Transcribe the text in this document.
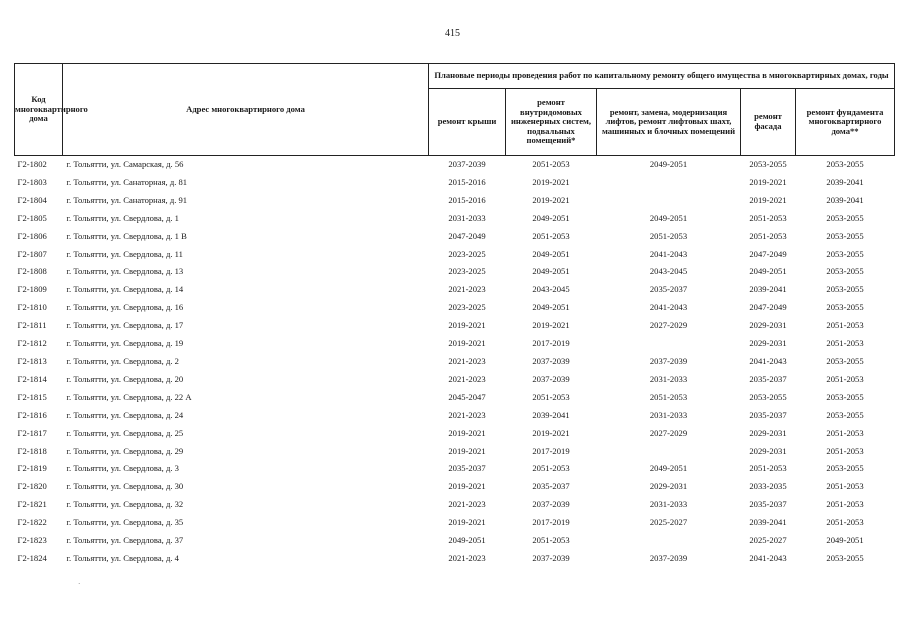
415
Код многоквартирного дома	Адрес многоквартирного дома	Плановые периоды проведения работ по капитальному ремонту общего имущества в многоквартирных домах, годы				
		ремонт крыши	ремонт внутридомовых инженерных систем, подвальных помещений*	ремонт, замена, модернизация лифтов, ремонт лифтовых шахт, машинных и блочных помещений	ремонт фасада	ремонт фундамента многоквартирного дома**
Г2-1802	г. Тольятти, ул. Самарская, д. 56	2037-2039	2051-2053	2049-2051	2053-2055	2053-2055
Г2-1803	г. Тольятти, ул. Санаторная, д. 81	2015-2016	2019-2021		2019-2021	2039-2041
Г2-1804	г. Тольятти, ул. Санаторная, д. 91	2015-2016	2019-2021		2019-2021	2039-2041
Г2-1805	г. Тольятти, ул. Свердлова, д. 1	2031-2033	2049-2051	2049-2051	2051-2053	2053-2055
Г2-1806	г. Тольятти, ул. Свердлова, д. 1 В	2047-2049	2051-2053	2051-2053	2051-2053	2053-2055
Г2-1807	г. Тольятти, ул. Свердлова, д. 11	2023-2025	2049-2051	2041-2043	2047-2049	2053-2055
Г2-1808	г. Тольятти, ул. Свердлова, д. 13	2023-2025	2049-2051	2043-2045	2049-2051	2053-2055
Г2-1809	г. Тольятти, ул. Свердлова, д. 14	2021-2023	2043-2045	2035-2037	2039-2041	2053-2055
Г2-1810	г. Тольятти, ул. Свердлова, д. 16	2023-2025	2049-2051	2041-2043	2047-2049	2053-2055
Г2-1811	г. Тольятти, ул. Свердлова, д. 17	2019-2021	2019-2021	2027-2029	2029-2031	2051-2053
Г2-1812	г. Тольятти, ул. Свердлова, д. 19	2019-2021	2017-2019		2029-2031	2051-2053
Г2-1813	г. Тольятти, ул. Свердлова, д. 2	2021-2023	2037-2039	2037-2039	2041-2043	2053-2055
Г2-1814	г. Тольятти, ул. Свердлова, д. 20	2021-2023	2037-2039	2031-2033	2035-2037	2051-2053
Г2-1815	г. Тольятти, ул. Свердлова, д. 22 А	2045-2047	2051-2053	2051-2053	2053-2055	2053-2055
Г2-1816	г. Тольятти, ул. Свердлова, д. 24	2021-2023	2039-2041	2031-2033	2035-2037	2053-2055
Г2-1817	г. Тольятти, ул. Свердлова, д. 25	2019-2021	2019-2021	2027-2029	2029-2031	2051-2053
Г2-1818	г. Тольятти, ул. Свердлова, д. 29	2019-2021	2017-2019		2029-2031	2051-2053
Г2-1819	г. Тольятти, ул. Свердлова, д. 3	2035-2037	2051-2053	2049-2051	2051-2053	2053-2055
Г2-1820	г. Тольятти, ул. Свердлова, д. 30	2019-2021	2035-2037	2029-2031	2033-2035	2051-2053
Г2-1821	г. Тольятти, ул. Свердлова, д. 32	2021-2023	2037-2039	2031-2033	2035-2037	2051-2053
Г2-1822	г. Тольятти, ул. Свердлова, д. 35	2019-2021	2017-2019	2025-2027	2039-2041	2051-2053
Г2-1823	г. Тольятти, ул. Свердлова, д. 37	2049-2051	2051-2053		2025-2027	2049-2051
Г2-1824	г. Тольятти, ул. Свердлова, д. 4	2021-2023	2037-2039	2037-2039	2041-2043	2053-2055
·
